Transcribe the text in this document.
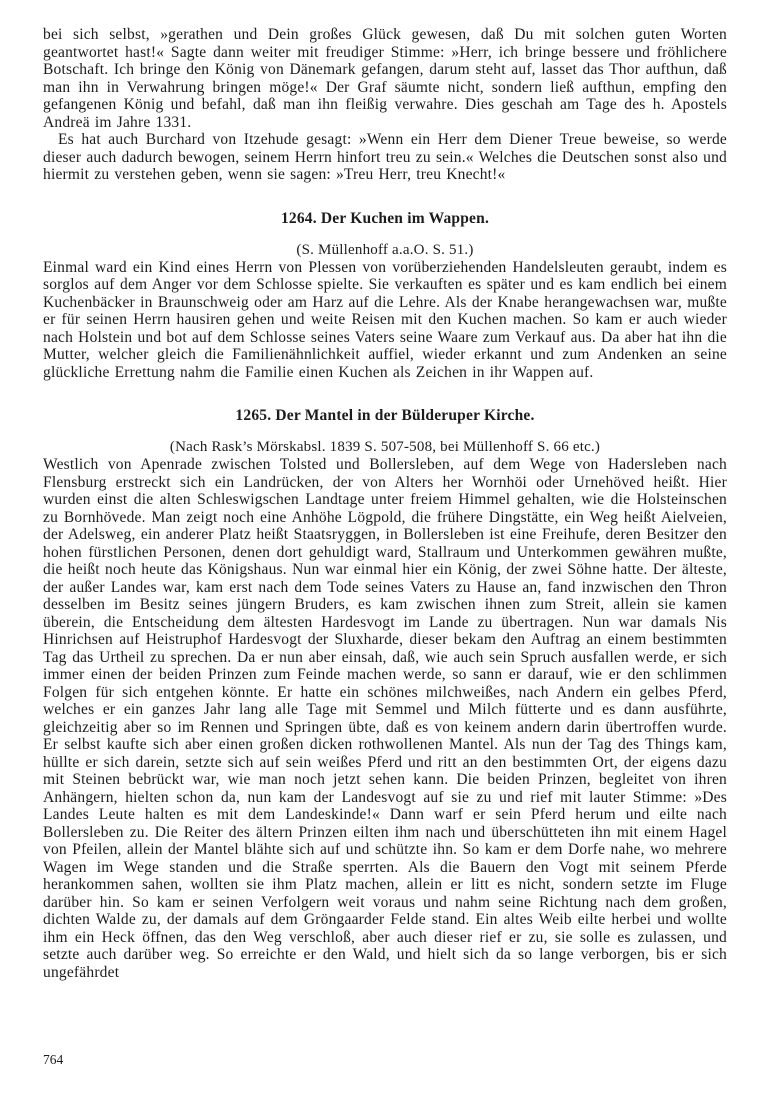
bei sich selbst, »gerathen und Dein großes Glück gewesen, daß Du mit solchen guten Worten geantwortet hast!« Sagte dann weiter mit freudiger Stimme: »Herr, ich bringe bessere und fröhlichere Botschaft. Ich bringe den König von Dänemark gefangen, darum steht auf, lasset das Thor aufthun, daß man ihn in Verwahrung bringen möge!« Der Graf säumte nicht, sondern ließ aufthun, empfing den gefangenen König und befahl, daß man ihn fleißig verwahre. Dies geschah am Tage des h. Apostels Andreä im Jahre 1331.

Es hat auch Burchard von Itzehude gesagt: »Wenn ein Herr dem Diener Treue beweise, so werde dieser auch dadurch bewogen, seinem Herrn hinfort treu zu sein.« Welches die Deutschen sonst also und hiermit zu verstehen geben, wenn sie sagen: »Treu Herr, treu Knecht!«

1264. Der Kuchen im Wappen.

(S. Müllenhoff a.a.O. S. 51.)

Einmal ward ein Kind eines Herrn von Plessen von vorüberziehenden Handelsleuten geraubt, indem es sorglos auf dem Anger vor dem Schlosse spielte. Sie verkauften es später und es kam endlich bei einem Kuchenbäcker in Braunschweig oder am Harz auf die Lehre. Als der Knabe herangewachsen war, mußte er für seinen Herrn hausiren gehen und weite Reisen mit den Kuchen machen. So kam er auch wieder nach Holstein und bot auf dem Schlosse seines Vaters seine Waare zum Verkauf aus. Da aber hat ihn die Mutter, welcher gleich die Familienähnlichkeit auffiel, wieder erkannt und zum Andenken an seine glückliche Errettung nahm die Familie einen Kuchen als Zeichen in ihr Wappen auf.

1265. Der Mantel in der Bülderuper Kirche.

(Nach Rask’s Mörskabsl. 1839 S. 507-508, bei Müllenhoff S. 66 etc.)

Westlich von Apenrade zwischen Tolsted und Bollersleben, auf dem Wege von Hadersleben nach Flensburg erstreckt sich ein Landrücken, der von Alters her Wornhöi oder Urnehöved heißt. Hier wurden einst die alten Schleswigschen Landtage unter freiem Himmel gehalten, wie die Holsteinschen zu Bornhövede. Man zeigt noch eine Anhöhe Lögpold, die frühere Dingstätte, ein Weg heißt Aielveien, der Adelsweg, ein anderer Platz heißt Staatsryggen, in Bollersleben ist eine Freihufe, deren Besitzer den hohen fürstlichen Personen, denen dort gehuldigt ward, Stallraum und Unterkommen gewähren mußte, die heißt noch heute das Königshaus. Nun war einmal hier ein König, der zwei Söhne hatte. Der älteste, der außer Landes war, kam erst nach dem Tode seines Vaters zu Hause an, fand inzwischen den Thron desselben im Besitz seines jüngern Bruders, es kam zwischen ihnen zum Streit, allein sie kamen überein, die Entscheidung dem ältesten Hardesvogt im Lande zu übertragen. Nun war damals Nis Hinrichsen auf Heistruphof Hardesvogt der Sluxharde, dieser bekam den Auftrag an einem bestimmten Tag das Urtheil zu sprechen. Da er nun aber einsah, daß, wie auch sein Spruch ausfallen werde, er sich immer einen der beiden Prinzen zum Feinde machen werde, so sann er darauf, wie er den schlimmen Folgen für sich entgehen könnte. Er hatte ein schönes milchweißes, nach Andern ein gelbes Pferd, welches er ein ganzes Jahr lang alle Tage mit Semmel und Milch fütterte und es dann ausführte, gleichzeitig aber so im Rennen und Springen übte, daß es von keinem andern darin übertroffen wurde. Er selbst kaufte sich aber einen großen dicken rothwollenen Mantel. Als nun der Tag des Things kam, hüllte er sich darein, setzte sich auf sein weißes Pferd und ritt an den bestimmten Ort, der eigens dazu mit Steinen bebrückt war, wie man noch jetzt sehen kann. Die beiden Prinzen, begleitet von ihren Anhängern, hielten schon da, nun kam der Landesvogt auf sie zu und rief mit lauter Stimme: »Des Landes Leute halten es mit dem Landeskinde!« Dann warf er sein Pferd herum und eilte nach Bollersleben zu. Die Reiter des ältern Prinzen eilten ihm nach und überschütteten ihn mit einem Hagel von Pfeilen, allein der Mantel blähte sich auf und schützte ihn. So kam er dem Dorfe nahe, wo mehrere Wagen im Wege standen und die Straße sperrten. Als die Bauern den Vogt mit seinem Pferde herankommen sahen, wollten sie ihm Platz machen, allein er litt es nicht, sondern setzte im Fluge darüber hin. So kam er seinen Verfolgern weit voraus und nahm seine Richtung nach dem großen, dichten Walde zu, der damals auf dem Gröngaarder Felde stand. Ein altes Weib eilte herbei und wollte ihm ein Heck öffnen, das den Weg verschloß, aber auch dieser rief er zu, sie solle es zulassen, und setzte auch darüber weg. So erreichte er den Wald, und hielt sich da so lange verborgen, bis er sich ungefährdet

764
